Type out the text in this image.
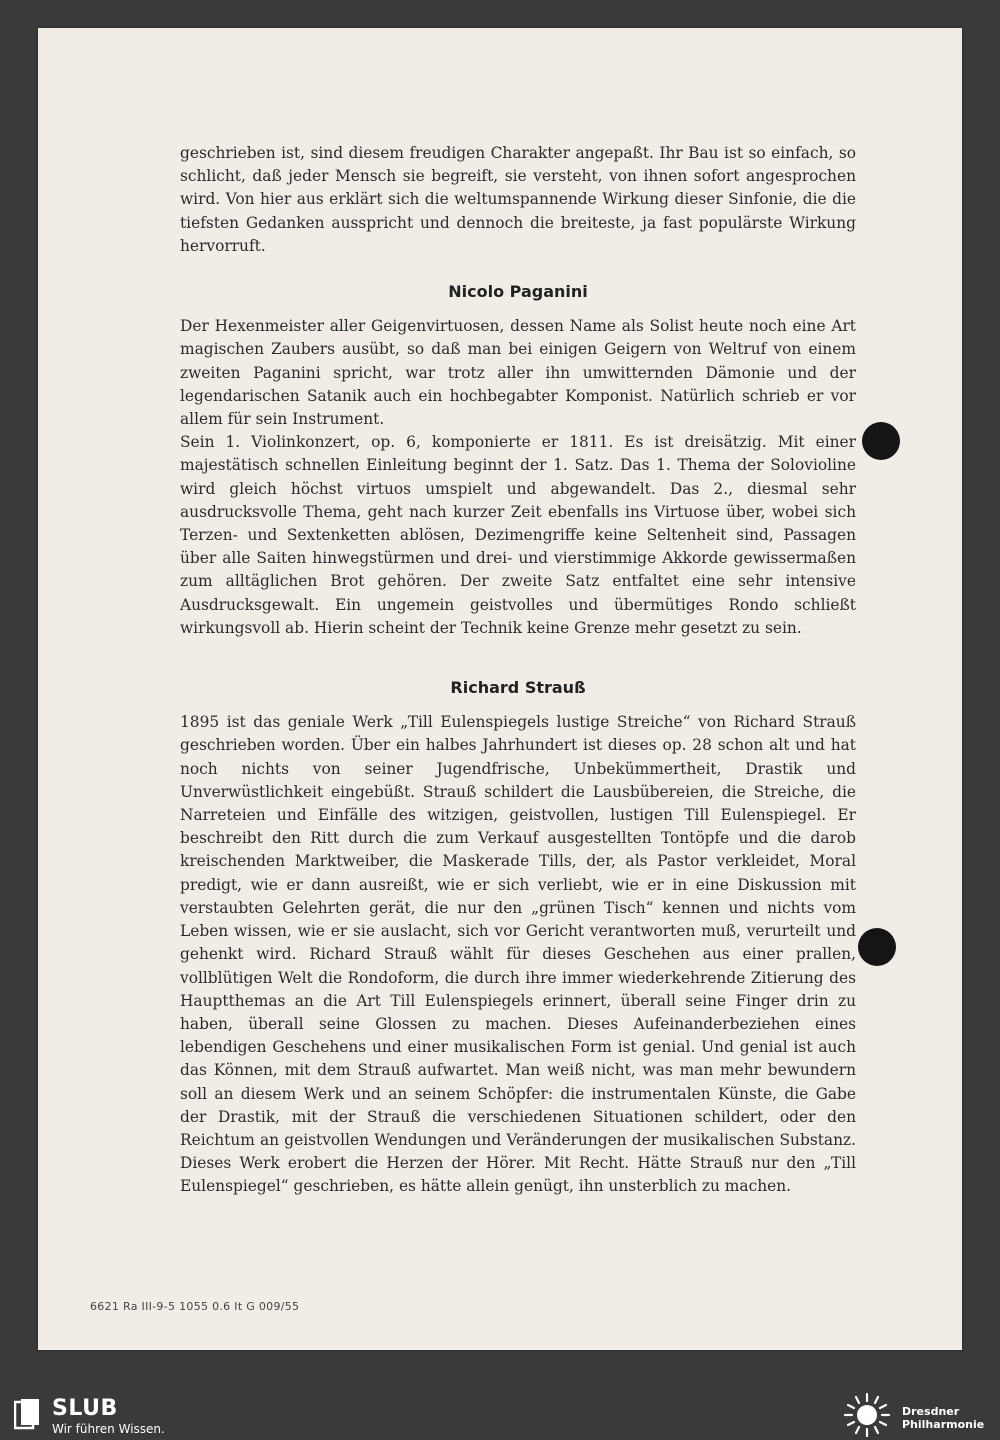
geschrieben ist, sind diesem freudigen Charakter angepaßt. Ihr Bau ist so einfach, so schlicht, daß jeder Mensch sie begreift, sie versteht, von ihnen sofort angesprochen wird. Von hier aus erklärt sich die weltumspannende Wirkung dieser Sinfonie, die die tiefsten Gedanken ausspricht und dennoch die breiteste, ja fast populärste Wirkung hervorruft.

Nicolo Paganini

Der Hexenmeister aller Geigenvirtuosen, dessen Name als Solist heute noch eine Art magischen Zaubers ausübt, so daß man bei einigen Geigern von Weltruf von einem zweiten Paganini spricht, war trotz aller ihn umwitternden Dämonie und der legendarischen Satanik auch ein hochbegabter Komponist. Natürlich schrieb er vor allem für sein Instrument.

Sein 1. Violinkonzert, op. 6, komponierte er 1811. Es ist dreisätzig. Mit einer majestätisch schnellen Einleitung beginnt der 1. Satz. Das 1. Thema der Solovioline wird gleich höchst virtuos umspielt und abgewandelt. Das 2., diesmal sehr ausdrucksvolle Thema, geht nach kurzer Zeit ebenfalls ins Virtuose über, wobei sich Terzen- und Sextenketten ablösen, Dezimengriffe keine Seltenheit sind, Passagen über alle Saiten hinwegstürmen und drei- und vierstimmige Akkorde gewissermaßen zum alltäglichen Brot gehören. Der zweite Satz entfaltet eine sehr intensive Ausdrucksgewalt. Ein ungemein geistvolles und übermütiges Rondo schließt wirkungsvoll ab. Hierin scheint der Technik keine Grenze mehr gesetzt zu sein.

Richard Strauß

1895 ist das geniale Werk „Till Eulenspiegels lustige Streiche“ von Richard Strauß geschrieben worden. Über ein halbes Jahrhundert ist dieses op. 28 schon alt und hat noch nichts von seiner Jugendfrische, Unbekümmertheit, Drastik und Unverwüstlichkeit eingebüßt. Strauß schildert die Lausbübereien, die Streiche, die Narreteien und Einfälle des witzigen, geistvollen, lustigen Till Eulenspiegel. Er beschreibt den Ritt durch die zum Verkauf ausgestellten Tontöpfe und die darob kreischenden Marktweiber, die Maskerade Tills, der, als Pastor verkleidet, Moral predigt, wie er dann ausreißt, wie er sich verliebt, wie er in eine Diskussion mit verstaubten Gelehrten gerät, die nur den „grünen Tisch“ kennen und nichts vom Leben wissen, wie er sie auslacht, sich vor Gericht verantworten muß, verurteilt und gehenkt wird. Richard Strauß wählt für dieses Geschehen aus einer prallen, vollblütigen Welt die Rondoform, die durch ihre immer wiederkehrende Zitierung des Hauptthemas an die Art Till Eulenspiegels erinnert, überall seine Finger drin zu haben, überall seine Glossen zu machen. Dieses Aufeinanderbeziehen eines lebendigen Geschehens und einer musikalischen Form ist genial. Und genial ist auch das Können, mit dem Strauß aufwartet. Man weiß nicht, was man mehr bewundern soll an diesem Werk und an seinem Schöpfer: die instrumentalen Künste, die Gabe der Drastik, mit der Strauß die verschiedenen Situationen schildert, oder den Reichtum an geistvollen Wendungen und Veränderungen der musikalischen Substanz. Dieses Werk erobert die Herzen der Hörer. Mit Recht. Hätte Strauß nur den „Till Eulenspiegel“ geschrieben, es hätte allein genügt, ihn unsterblich zu machen.

6621 Ra III-9-5 1055 0.6 It G 009/55
SLUB
Wir führen Wissen.
Dresdner
Philharmonie
